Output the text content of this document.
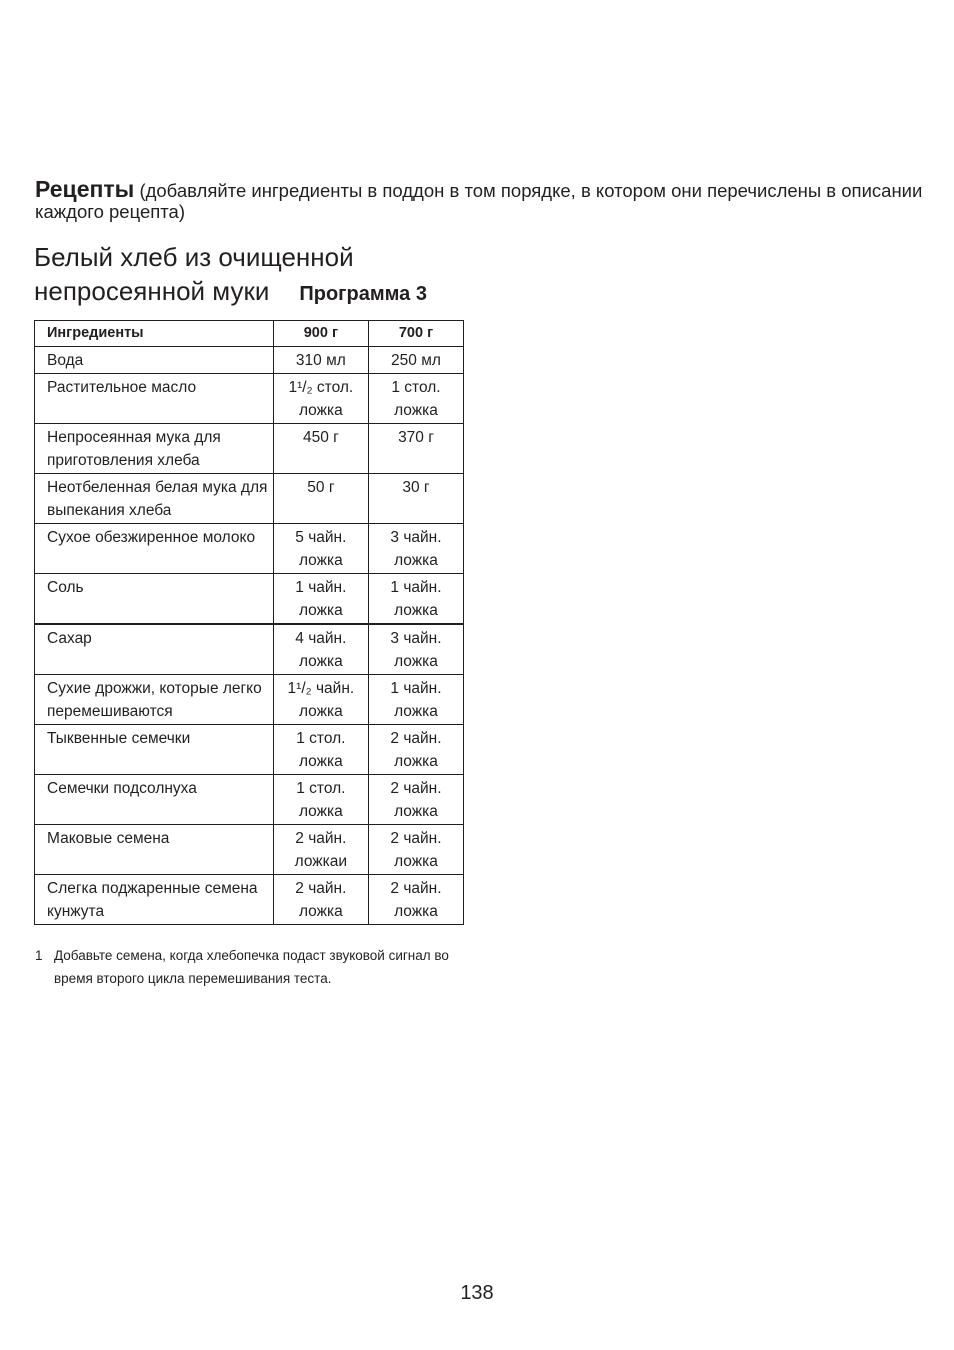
Рецепты (добавляйте ингредиенты в поддон в том порядке, в котором они перечислены в описании каждого рецепта)
Белый хлеб из очищенной
непросеянной муки Программа 3
Ингредиенты	900 г	700 г
Вода	310 мл	250 мл
Растительное масло	1¹/₂ стол. ложка	1 стол. ложка
Непросеянная мука для приготовления хлеба	450 г	370 г
Неотбеленная белая мука для выпекания хлеба	50 г	30 г
Сухое обезжиренное молоко	5 чайн. ложка	3 чайн. ложка
Соль	1 чайн. ложка	1 чайн. ложка
Сахар	4 чайн. ложка	3 чайн. ложка
Сухие дрожжи, которые легко перемешиваются	1¹/₂ чайн. ложка	1 чайн. ложка
Тыквенные семечки	1 стол. ложка	2 чайн. ложка
Семечки подсолнуха	1 стол. ложка	2 чайн. ложка
Маковые семена	2 чайн. ложкаи	2 чайн. ложка
Слегка поджаренные семена кунжута	2 чайн. ложка	2 чайн. ложка
1 Добавьте семена, когда хлебопечка подаст звуковой сигнал во время второго цикла перемешивания теста.
138
